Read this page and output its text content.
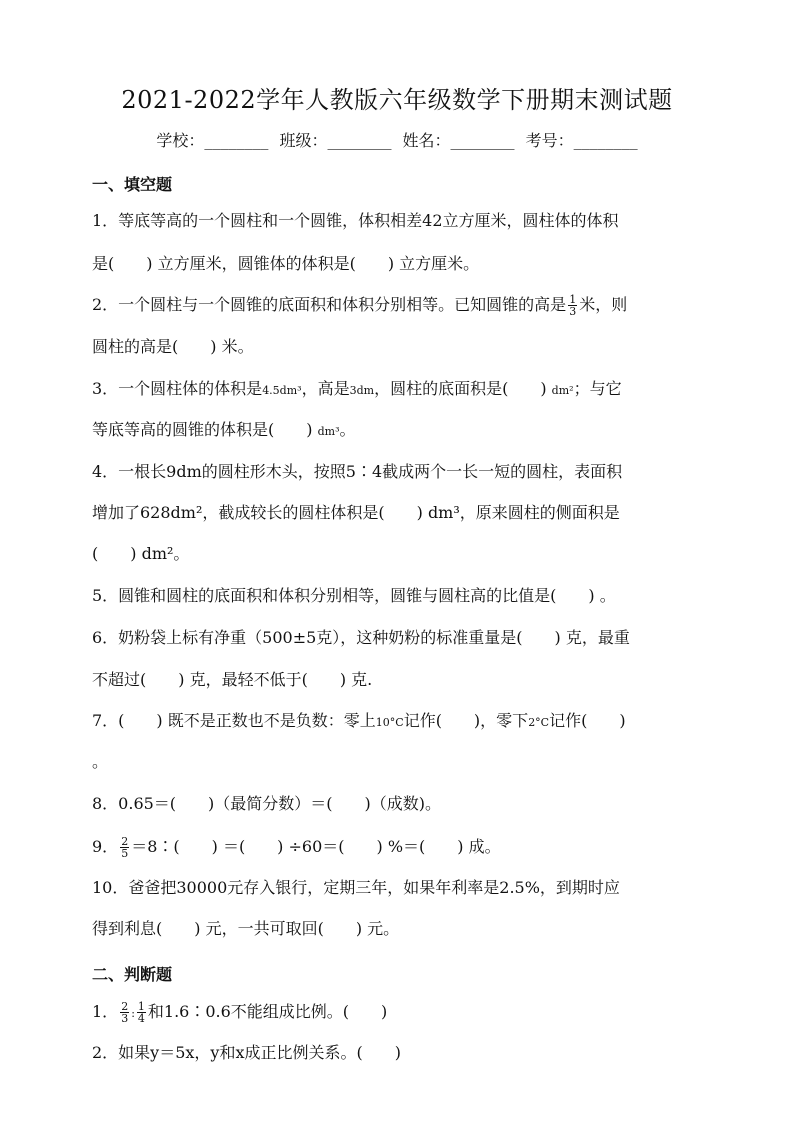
2021-2022学年人教版六年级数学下册期末测试题
学校：________ 班级：________ 姓名：________ 考号：________
一、填空题
1．等底等高的一个圆柱和一个圆锥，体积相差42立方厘米，圆柱体的体积
是(　　) 立方厘米，圆锥体的体积是(　　) 立方厘米。
2．一个圆柱与一个圆锥的底面积和体积分别相等。已知圆锥的高是 $\frac{1}{3}$ 米，则
圆柱的高是(　　) 米。
3．一个圆柱体的体积是4.5dm³，高是3dm，圆柱的底面积是(　　) dm²；与它
等底等高的圆锥的体积是(　　) dm³。
4．一根长9dm的圆柱形木头，按照5∶4截成两个一长一短的圆柱，表面积
增加了628dm²，截成较长的圆柱体积是(　　) dm³，原来圆柱的侧面积是
(　　) dm²。
5．圆锥和圆柱的底面积和体积分别相等，圆锥与圆柱高的比值是(　　) 。
6．奶粉袋上标有净重（500±5克），这种奶粉的标准重量是(　　) 克，最重
不超过(　　) 克，最轻不低于(　　) 克.
7．(　　) 既不是正数也不是负数：零上10°C记作(　　)，零下2°C记作(　　)
。
8．0.65＝(　　)（最简分数）＝(　　)（成数)。
9． $\frac{2}{5}$ ＝8∶(　　) ＝(　　) ÷60＝(　　) %＝(　　) 成。
10．爸爸把30000元存入银行，定期三年，如果年利率是2.5%，到期时应
得到利息(　　) 元，一共可取回(　　) 元。
二、判断题
1． $\frac{2}{3}$ : $\frac{1}{4}$ 和1.6∶0.6不能组成比例。(　　)
2．如果y＝5x，y和x成正比例关系。(　　)
